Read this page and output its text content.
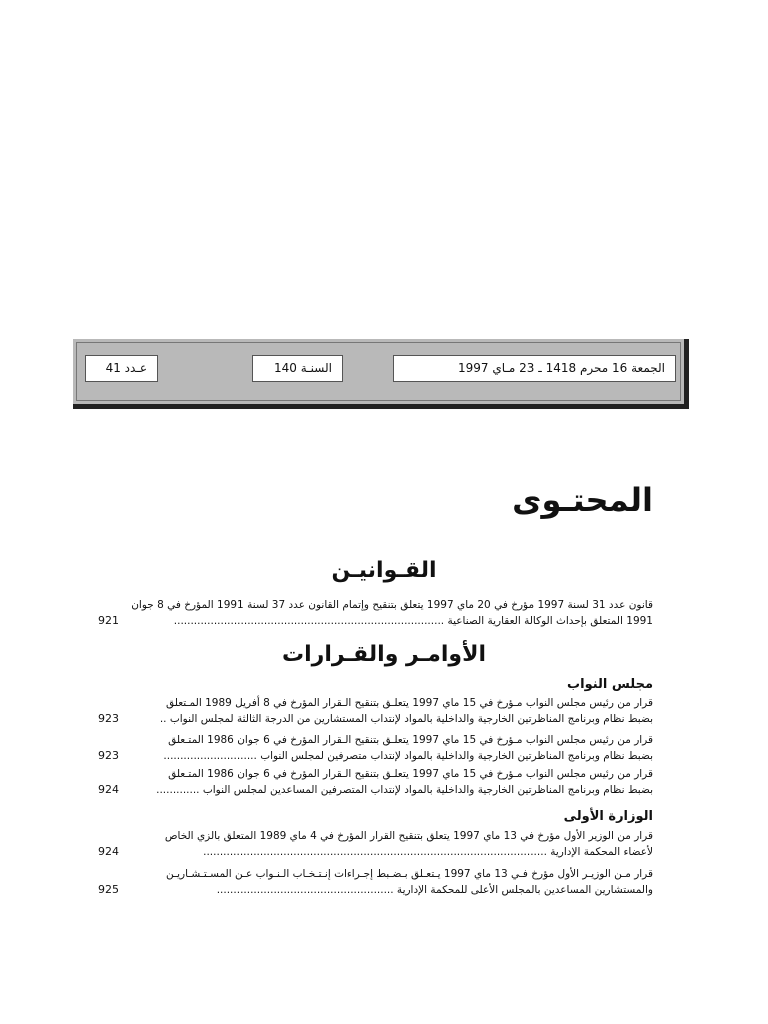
عـدد 41	السنـة 140	الجمعة 16 محرم 1418 ـ 23 مـاي 1997
المحتـوى
القـوانيـن
قانون عدد 31 لسنة 1997 مؤرخ في 20 ماي 1997 يتعلق بتنقيح وإتمام القانون عدد 37 لسنة 1991 المؤرخ في 8 جوان
921	1991 المتعلق بإحداث الوكالة العقارية الصناعية .................................................................................
الأوامـر والقـرارات
مجلس النواب
قرار من رئيس مجلس النواب مـؤرخ في 15 ماي 1997 يتعلـق بتنقيح الـقرار المؤرخ في 8 أفريل 1989 المـتعلق
923	بضبط نظام وبرنامج المناظرتين الخارجية والداخلية بالمواد لإنتداب المستشارين من الدرجة الثالثة لمجلس النواب ..
قرار من رئيس مجلس النواب مـؤرخ في 15 ماي 1997 يتعلـق بتنقيح الـقرار المؤرخ في 6 جوان 1986 المتـعلق
923	بضبط نظام وبرنامج المناظرتين الخارجية والداخلية بالمواد لإنتداب متصرفين لمجلس النواب ............................
قرار من رئيس مجلس النواب مـؤرخ في 15 ماي 1997 يتعلـق بتنقيح الـقرار المؤرخ في 6 جوان 1986 المتـعلق
924	بضبط نظام وبرنامج المناظرتين الخارجية والداخلية بالمواد لإنتداب المتصرفين المساعدين لمجلس النواب .............
الوزارة الأولى
قرار من الوزير الأول مؤرخ في 13 ماي 1997 يتعلق بتنقيح القرار المؤرخ في 4 ماي 1989 المتعلق بالزي الخاص
924	لأعضاء المحكمة الإدارية .......................................................................................................
قرار مـن الوزيـر الأول مؤرخ فـي 13 ماي 1997 يـتعـلق بـضـبط إجـراءات إنـتـخـاب الـنـواب عـن المسـتـشـاريـن
925	والمستشارين المساعدين بالمجلس الأعلى للمحكمة الإدارية .....................................................
